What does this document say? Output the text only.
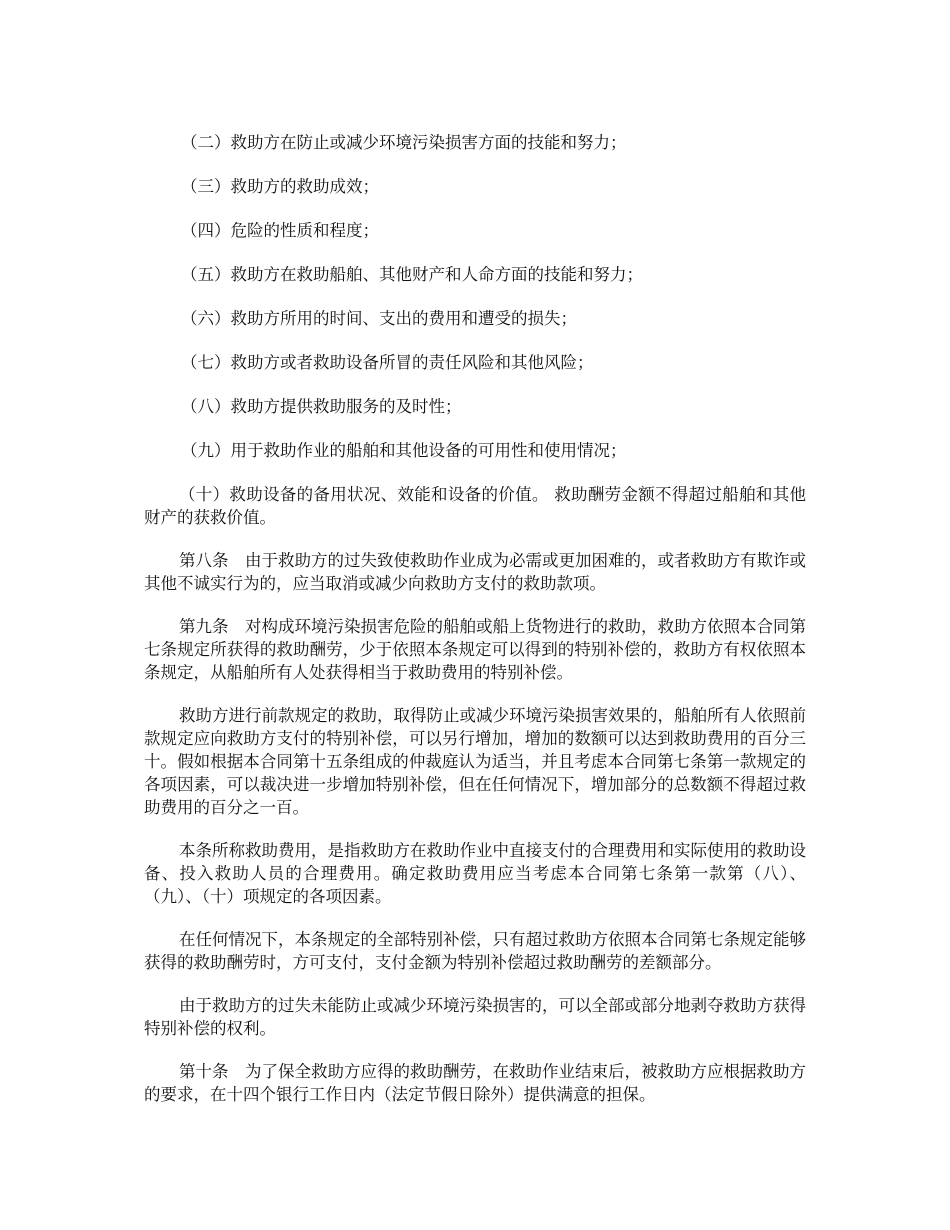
（二）救助方在防止或减少环境污染损害方面的技能和努力；
（三）救助方的救助成效；
（四）危险的性质和程度；
（五）救助方在救助船舶、其他财产和人命方面的技能和努力；
（六）救助方所用的时间、支出的费用和遭受的损失；
（七）救助方或者救助设备所冒的责任风险和其他风险；
（八）救助方提供救助服务的及时性；
（九）用于救助作业的船舶和其他设备的可用性和使用情况；

（十）救助设备的备用状况、效能和设备的价值。 救助酬劳金额不得超过船舶和其他财产的获救价值。

第八条　由于救助方的过失致使救助作业成为必需或更加困难的，或者救助方有欺诈或其他不诚实行为的，应当取消或减少向救助方支付的救助款项。

第九条　对构成环境污染损害危险的船舶或船上货物进行的救助，救助方依照本合同第七条规定所获得的救助酬劳，少于依照本条规定可以得到的特别补偿的，救助方有权依照本条规定，从船舶所有人处获得相当于救助费用的特别补偿。

救助方进行前款规定的救助，取得防止或减少环境污染损害效果的，船舶所有人依照前款规定应向救助方支付的特别补偿，可以另行增加，增加的数额可以达到救助费用的百分三十。假如根据本合同第十五条组成的仲裁庭认为适当，并且考虑本合同第七条第一款规定的各项因素，可以裁决进一步增加特别补偿，但在任何情况下，增加部分的总数额不得超过救助费用的百分之一百。

本条所称救助费用，是指救助方在救助作业中直接支付的合理费用和实际使用的救助设备、投入救助人员的合理费用。确定救助费用应当考虑本合同第七条第一款第（八）、（九）、（十）项规定的各项因素。

在任何情况下，本条规定的全部特别补偿，只有超过救助方依照本合同第七条规定能够获得的救助酬劳时，方可支付，支付金额为特别补偿超过救助酬劳的差额部分。

由于救助方的过失未能防止或减少环境污染损害的，可以全部或部分地剥夺救助方获得特别补偿的权利。

第十条　为了保全救助方应得的救助酬劳，在救助作业结束后，被救助方应根据救助方的要求，在十四个银行工作日内（法定节假日除外）提供满意的担保。
